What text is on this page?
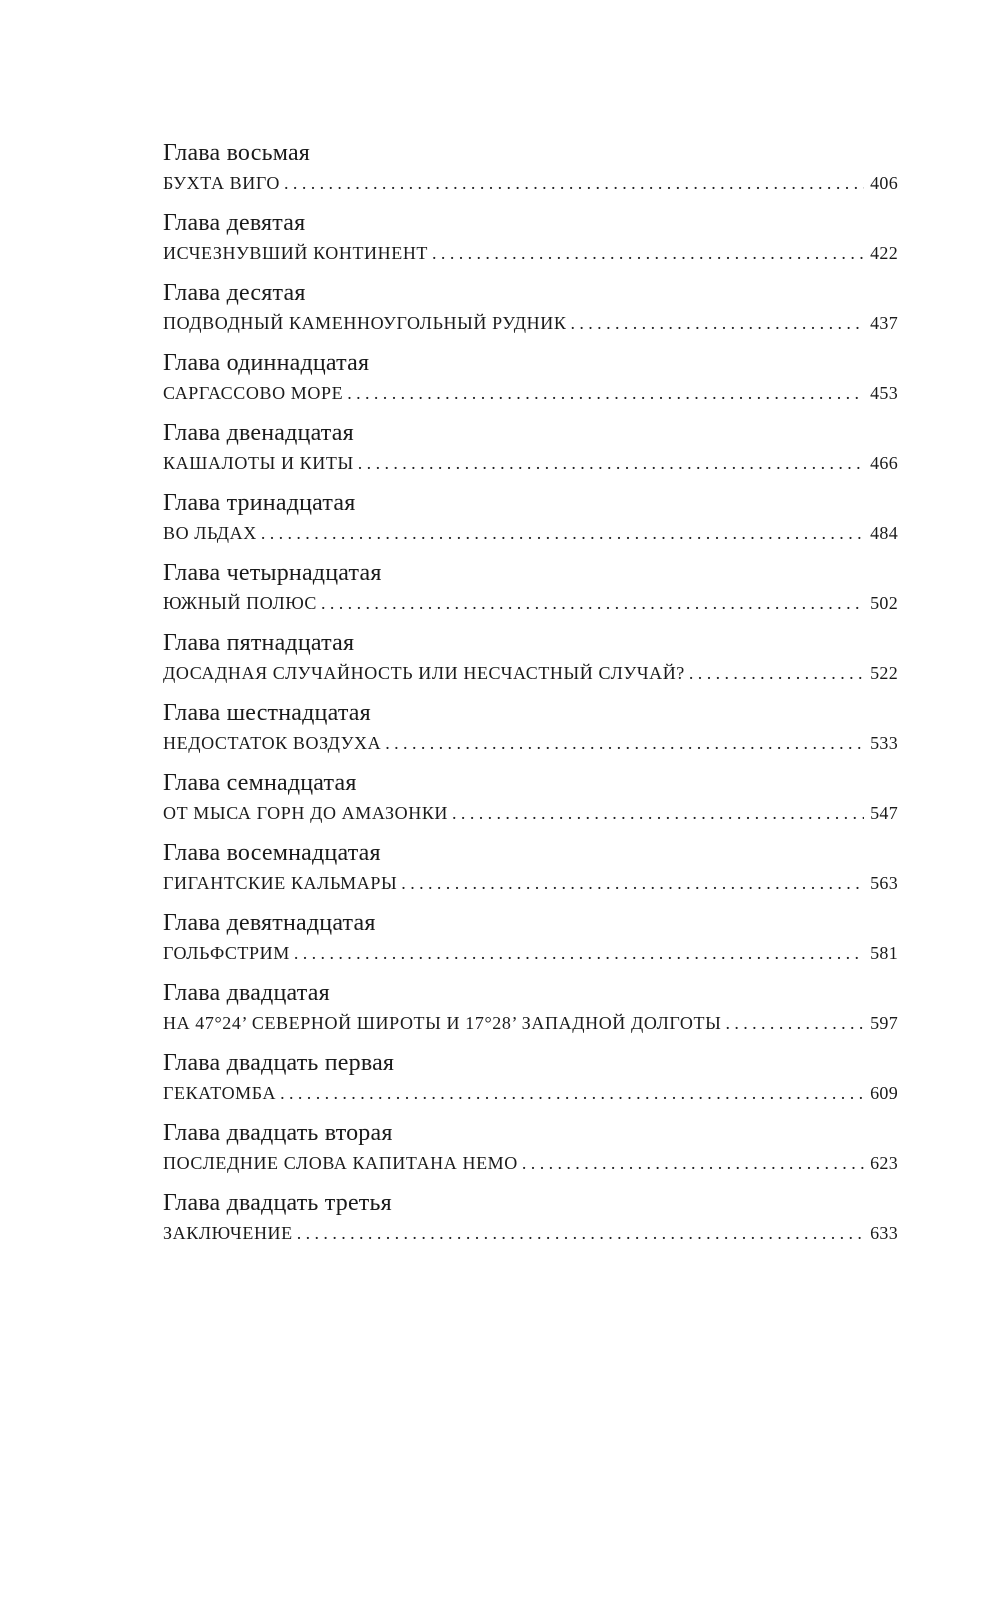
Глава восьмая
БУХТА ВИГО .....	406
Глава девятая
ИСЧЕЗНУВШИЙ КОНТИНЕНТ .....	422
Глава десятая
ПОДВОДНЫЙ КАМЕННОУГОЛЬНЫЙ РУДНИК .....	437
Глава одиннадцатая
САРГАССОВО МОРЕ .....	453
Глава двенадцатая
КАШАЛОТЫ И КИТЫ .....	466
Глава тринадцатая
ВО ЛЬДАХ .....	484
Глава четырнадцатая
ЮЖНЫЙ ПОЛЮС .....	502
Глава пятнадцатая
ДОСАДНАЯ СЛУЧАЙНОСТЬ ИЛИ НЕСЧАСТНЫЙ СЛУЧАЙ? .....	522
Глава шестнадцатая
НЕДОСТАТОК ВОЗДУХА .....	533
Глава семнадцатая
ОТ МЫСА ГОРН ДО АМАЗОНКИ .....	547
Глава восемнадцатая
ГИГАНТСКИЕ КАЛЬМАРЫ .....	563
Глава девятнадцатая
ГОЛЬФСТРИМ .....	581
Глава двадцатая
НА 47°24’ СЕВЕРНОЙ ШИРОТЫ И 17°28’ ЗАПАДНОЙ ДОЛГОТЫ .....	597
Глава двадцать первая
ГЕКАТОМБА .....	609
Глава двадцать вторая
ПОСЛЕДНИЕ СЛОВА КАПИТАНА НЕМО .....	623
Глава двадцать третья
ЗАКЛЮЧЕНИЕ .....	633
